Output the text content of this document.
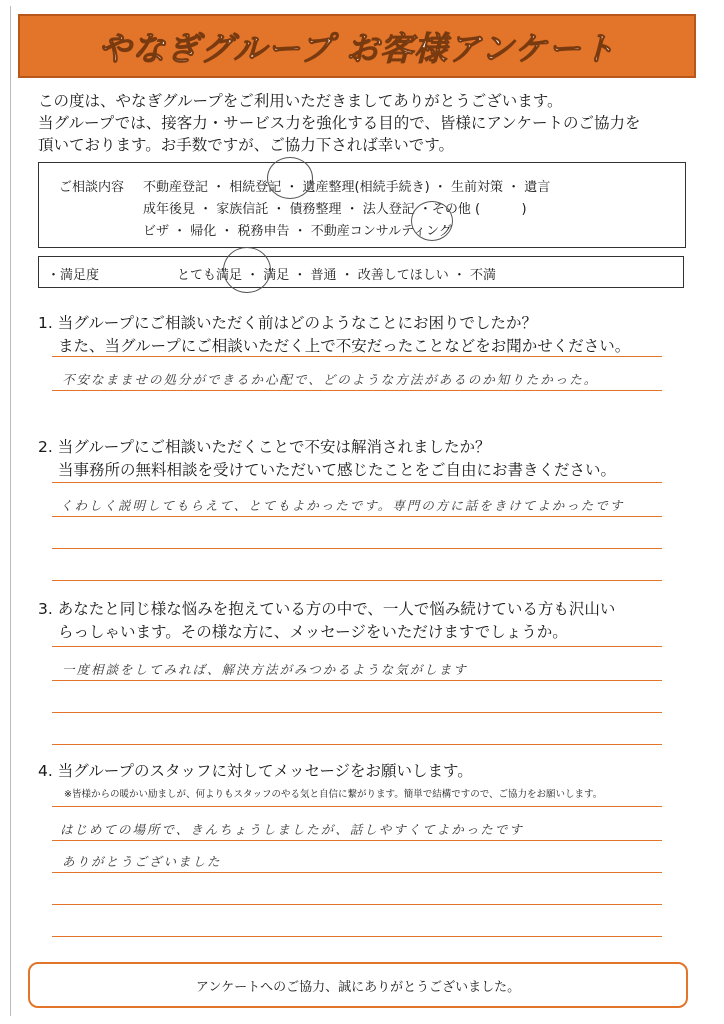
やなぎグループ お客様アンケート

この度は、やなぎグループをご利用いただきましてありがとうございます。

当グループでは、接客力・サービス力を強化する目的で、皆様にアンケートのご協力を

頂いております。お手数ですが、ご協力下されば幸いです。

ご相談内容 不動産登記 ・ 相続登記 ・ 遺産整理(相続手続き) ・ 生前対策 ・ 遺言
成年後見 ・ 家族信託 ・ 債務整理 ・ 法人登記 ・その他 (          )
ビザ ・ 帰化 ・ 税務申告 ・ 不動産コンサルティング
・満足度	とても満足 ・ 満足 ・ 普通 ・ 改善してほしい ・ 不満

1. 当グループにご相談いただく前はどのようなことにお困りでしたか？

また、当グループにご相談いただく上で不安だったことなどをお聞かせください。

不安なまませの処分ができるか心配で、どのような方法があるのか知りたかった。

2. 当グループにご相談いただくことで不安は解消されましたか？

当事務所の無料相談を受けていただいて感じたことをご自由にお書きください。

くわしく説明してもらえて、とてもよかったです。専門の方に話をきけてよかったです

3. あなたと同じ様な悩みを抱えている方の中で、一人で悩み続けている方も沢山い

らっしゃいます。その様な方に、メッセージをいただけますでしょうか。

一度相談をしてみれば、解決方法がみつかるような気がします

4. 当グループのスタッフに対してメッセージをお願いします。

※皆様からの暖かい励ましが、何よりもスタッフのやる気と自信に繋がります。簡単で結構ですので、ご協力をお願いします。
はじめての場所で、きんちょうしましたが、話しやすくてよかったです
ありがとうございました
アンケートへのご協力、誠にありがとうございました。
